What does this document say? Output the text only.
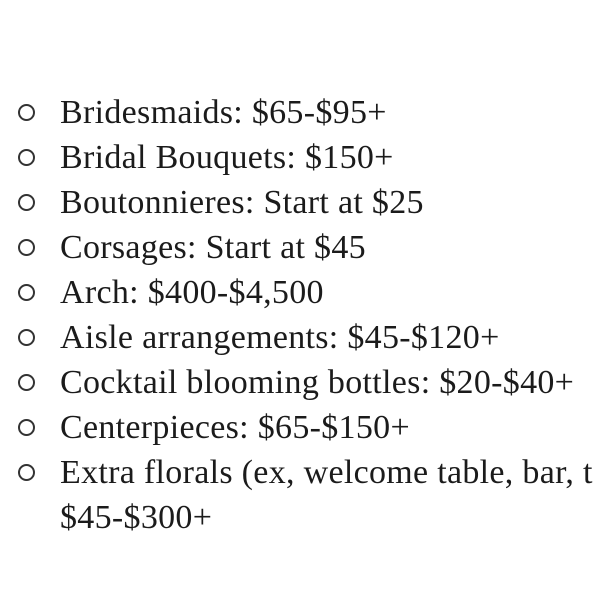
Bridesmaids: $65-$95+
Bridal Bouquets: $150+
Boutonnieres: Start at $25
Corsages: Start at $45
Arch: $400-$4,500
Aisle arrangements: $45-$120+
Cocktail blooming bottles: $20-$40+
Centerpieces: $65-$150+
Extra florals (ex, welcome table, bar, t
$45-$300+
